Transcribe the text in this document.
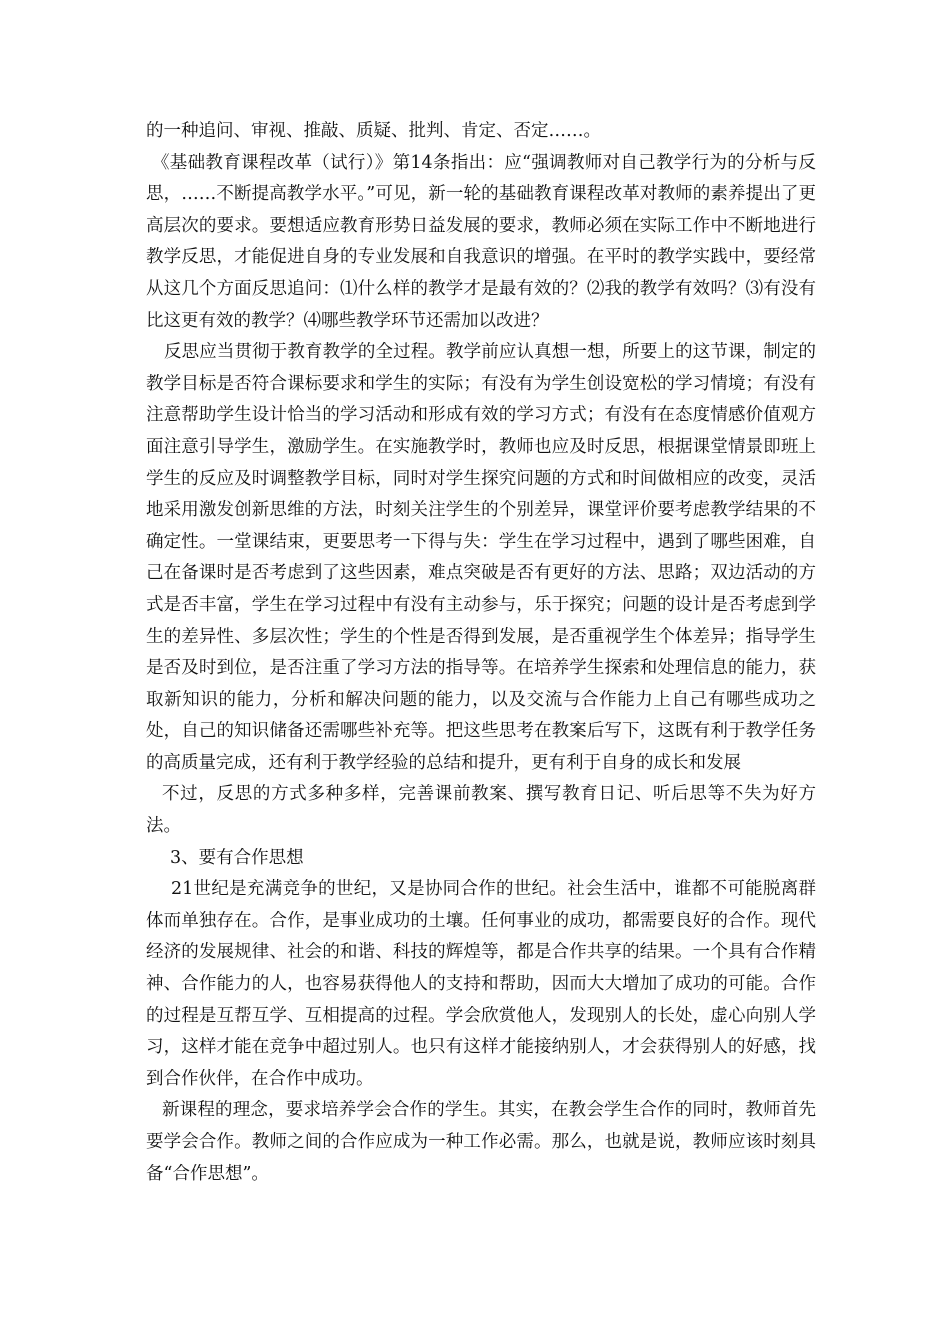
的一种追问、审视、推敲、质疑、批判、肯定、否定……。

《基础教育课程改革（试行）》第14条指出：应“强调教师对自己教学行为的分析与反思，……不断提高教学水平。”可见，新一轮的基础教育课程改革对教师的素养提出了更高层次的要求。要想适应教育形势日益发展的要求，教师必须在实际工作中不断地进行教学反思，才能促进自身的专业发展和自我意识的增强。在平时的教学实践中，要经常从这几个方面反思追问：⑴什么样的教学才是最有效的？⑵我的教学有效吗？⑶有没有比这更有效的教学？⑷哪些教学环节还需加以改进？

反思应当贯彻于教育教学的全过程。教学前应认真想一想，所要上的这节课，制定的教学目标是否符合课标要求和学生的实际；有没有为学生创设宽松的学习情境；有没有注意帮助学生设计恰当的学习活动和形成有效的学习方式；有没有在态度情感价值观方面注意引导学生，激励学生。在实施教学时，教师也应及时反思，根据课堂情景即班上学生的反应及时调整教学目标，同时对学生探究问题的方式和时间做相应的改变，灵活地采用激发创新思维的方法，时刻关注学生的个别差异，课堂评价要考虑教学结果的不确定性。一堂课结束，更要思考一下得与失：学生在学习过程中，遇到了哪些困难，自己在备课时是否考虑到了这些因素，难点突破是否有更好的方法、思路；双边活动的方式是否丰富，学生在学习过程中有没有主动参与，乐于探究；问题的设计是否考虑到学生的差异性、多层次性；学生的个性是否得到发展，是否重视学生个体差异；指导学生是否及时到位，是否注重了学习方法的指导等。在培养学生探索和处理信息的能力，获取新知识的能力，分析和解决问题的能力，以及交流与合作能力上自己有哪些成功之处，自己的知识储备还需哪些补充等。把这些思考在教案后写下，这既有利于教学任务的高质量完成，还有利于教学经验的总结和提升，更有利于自身的成长和发展

不过，反思的方式多种多样，完善课前教案、撰写教育日记、听后思等不失为好方法。

3、要有合作思想

21世纪是充满竞争的世纪，又是协同合作的世纪。社会生活中，谁都不可能脱离群体而单独存在。合作，是事业成功的土壤。任何事业的成功，都需要良好的合作。现代经济的发展规律、社会的和谐、科技的辉煌等，都是合作共享的结果。一个具有合作精神、合作能力的人，也容易获得他人的支持和帮助，因而大大增加了成功的可能。合作的过程是互帮互学、互相提高的过程。学会欣赏他人，发现别人的长处，虚心向别人学习，这样才能在竞争中超过别人。也只有这样才能接纳别人，才会获得别人的好感，找到合作伙伴，在合作中成功。

新课程的理念，要求培养学会合作的学生。其实，在教会学生合作的同时，教师首先要学会合作。教师之间的合作应成为一种工作必需。那么，也就是说，教师应该时刻具备“合作思想”。
